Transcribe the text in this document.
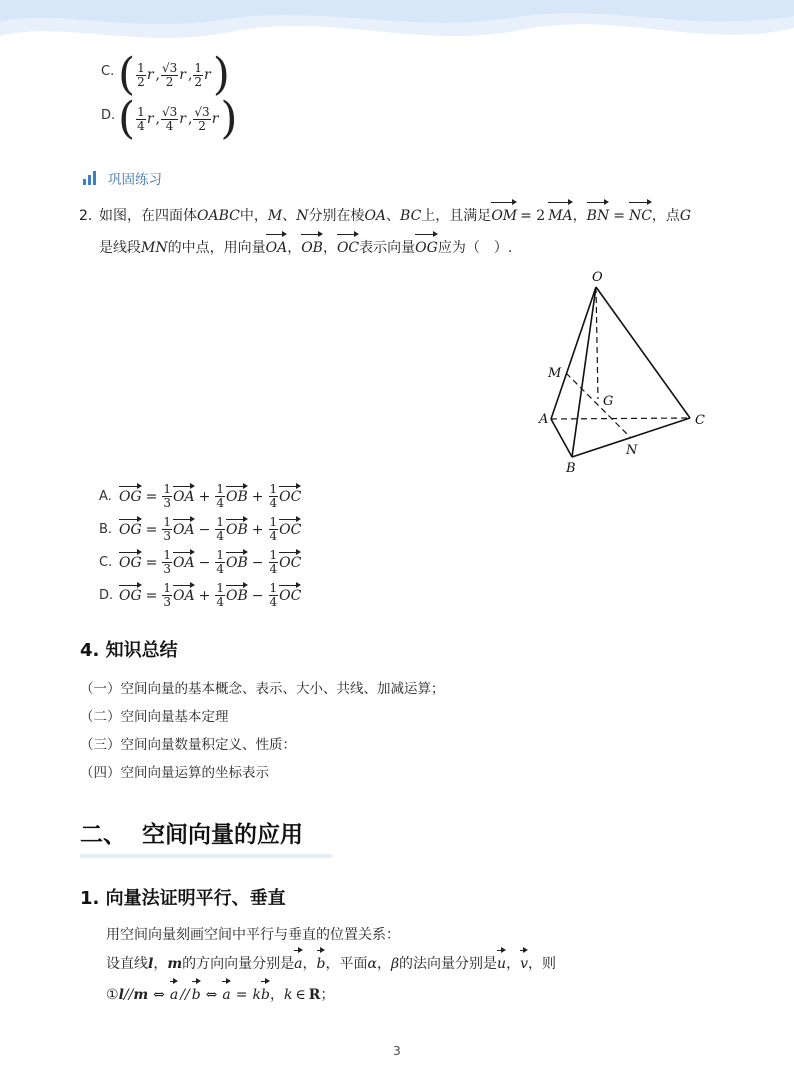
C. ( $\frac{1}{2}$ r , $\frac{√3}{2}$ r , $\frac{1}{2}$ r )
D. ( $\frac{1}{4}$ r , $\frac{√3}{4}$ r , $\frac{√3}{2}$ r )
巩固练习
2. 如图，在四面体OABC中，M、N分别在棱OA、BC上，且满足OM = 2 MA，BN = NC，点G
是线段MN的中点，用向量OA，OB，OC表示向量OG应为（　）.
O
A
B
C
M
N
G
A. OG = $\frac{1}{3}$ OA + $\frac{1}{4}$ OB + $\frac{1}{4}$ OC
B. OG = $\frac{1}{3}$ OA − $\frac{1}{4}$ OB + $\frac{1}{4}$ OC
C. OG = $\frac{1}{3}$ OA − $\frac{1}{4}$ OB − $\frac{1}{4}$ OC
D. OG = $\frac{1}{3}$ OA + $\frac{1}{4}$ OB − $\frac{1}{4}$ OC
4. 知识总结
（一）空间向量的基本概念、表示、大小、共线、加减运算；
（二）空间向量基本定理
（三）空间向量数量积定义、性质：
（四）空间向量运算的坐标表示
二、  空间向量的应用
1. 向量法证明平行、垂直
用空间向量刻画空间中平行与垂直的位置关系：
设直线l，m的方向向量分别是a，b，平面α，β的法向量分别是u，v，则
①l//m ⇔ a // b ⇔ a = kb，k ∈ R；
3
